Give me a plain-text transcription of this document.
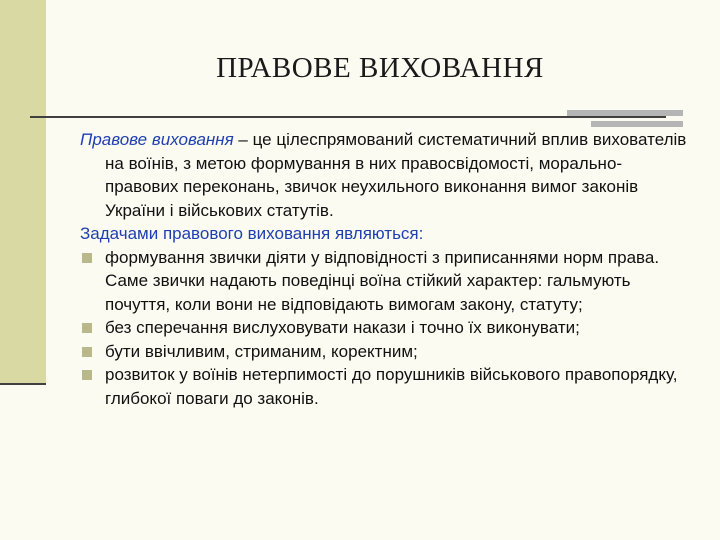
ПРАВОВЕ ВИХОВАННЯ

Правове виховання – це цілеспрямований систематичний вплив вихователів на воїнів, з метою формування в них правосвідомості, морально-правових переконань, звичок неухильного виконання вимог законів України і військових статутів.

Задачами правового виховання являються:

формування звички діяти у відповідності з приписаннями норм права. Саме звички надають поведінці воїна стійкий характер: гальмують почуття, коли вони не відповідають вимогам закону, статуту;

без сперечання вислуховувати накази і точно їх виконувати;

бути ввічливим, стриманим, коректним;

розвиток у воїнів нетерпимості до порушників військового правопорядку, глибокої поваги до законів.
